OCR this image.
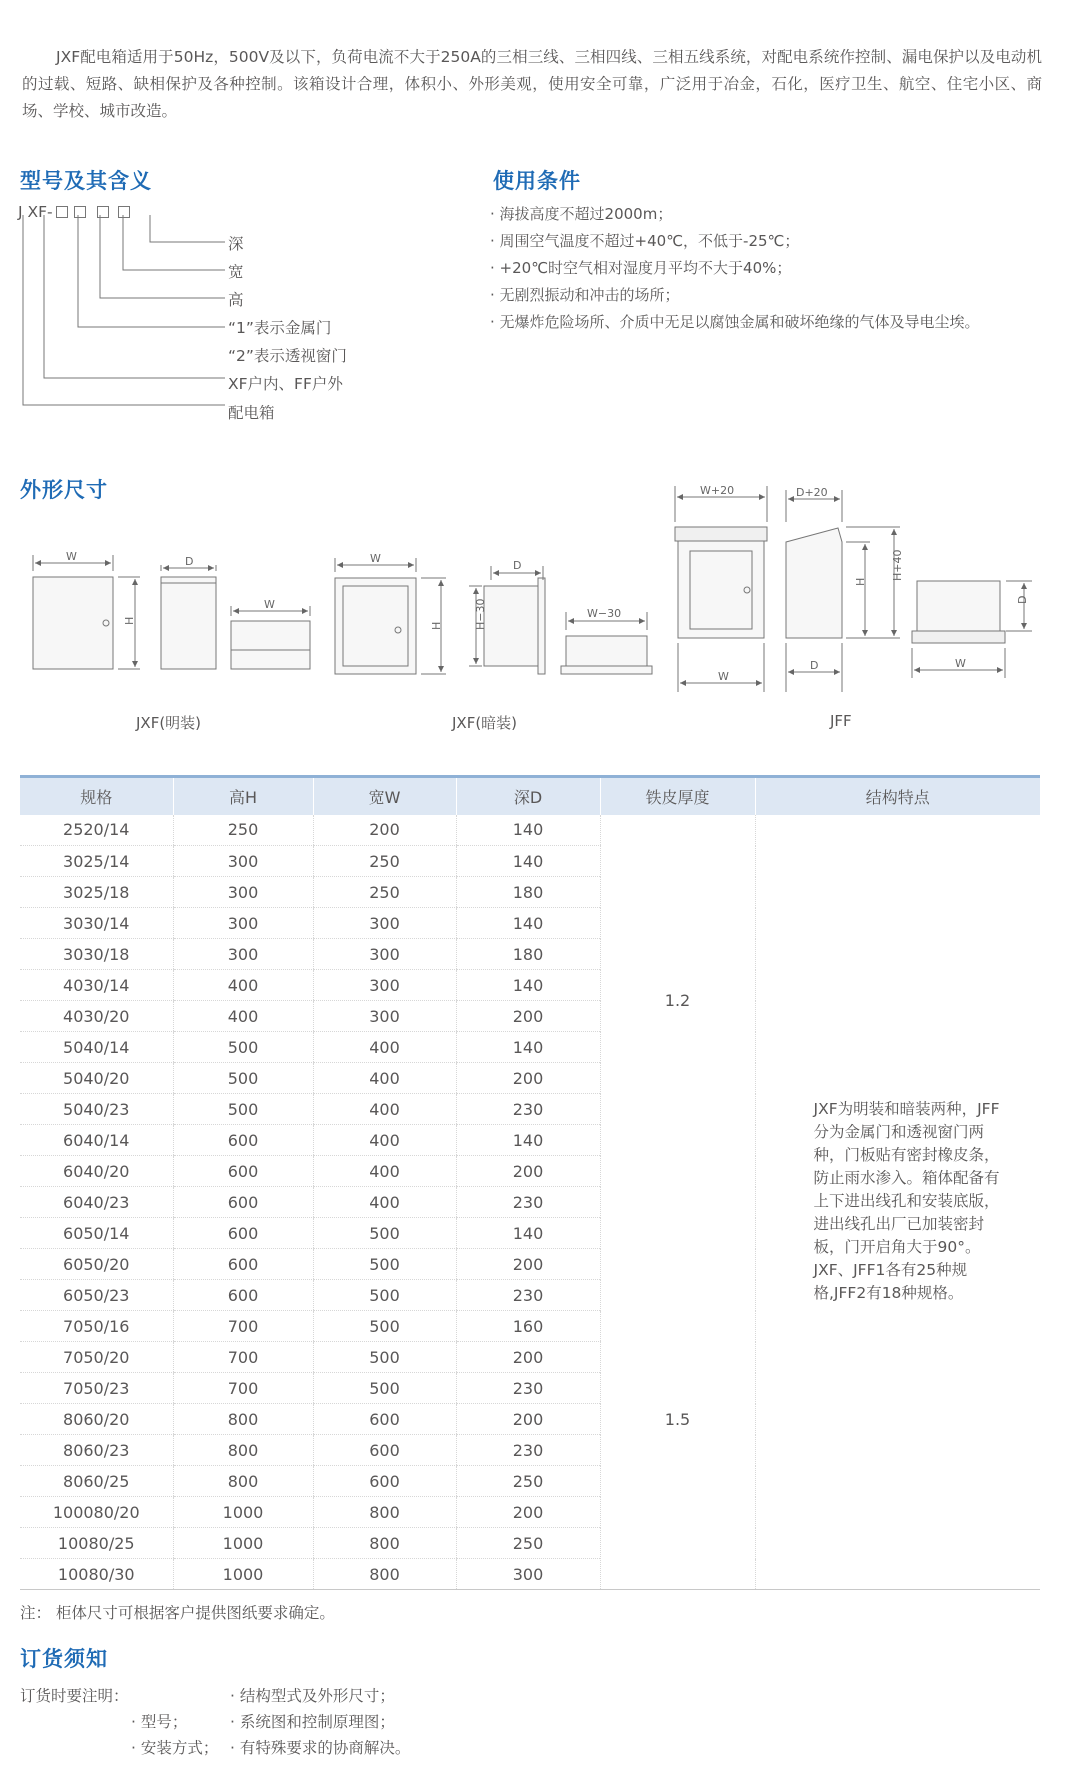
JXF配电箱适用于50Hz，500V及以下，负荷电流不大于250A的三相三线、三相四线、三相五线系统，对配电系统作控制、漏电保护以及电动机的过载、短路、缺相保护及各种控制。该箱设计合理，体积小、外形美观，使用安全可靠，广泛用于冶金，石化，医疗卫生、航空、住宅小区、商场、学校、城市改造。

型号及其含义
J XF-
深
宽
高
“1”表示金属门
“2”表示透视窗门
XF户内、FF户外
配电箱
使用条件
· 海拔高度不超过2000m；
· 周围空气温度不超过+40℃，不低于-25℃；
· +20℃时空气相对湿度月平均不大于40%；
· 无剧烈振动和冲击的场所；
· 无爆炸危险场所、介质中无足以腐蚀金属和破坏绝缘的气体及导电尘埃。
外形尺寸
W
H
D
W
W
H	H−30
D
W−30
W+20
W
D+20
D
H
H+40
D
W
JXF(明装)	JXF(暗装)	JFF
规格	高H	宽W	深D	铁皮厚度	结构特点
2520/14	250	200	140	1.2	JXF为明装和暗装两种，JFF分为金属门和透视窗门两种，门板贴有密封橡皮条，防止雨水渗入。箱体配备有上下进出线孔和安装底版，进出线孔出厂已加装密封板，门开启角大于90°。JXF、JFF1各有25种规格,JFF2有18种规格。

3025/14	300	250	140		
3025/18	300	250	180		
3030/14	300	300	140		
3030/18	300	300	180		
4030/14	400	300	140		
4030/20	400	300	200		
5040/14	500	400	140		
5040/20	500	400	200		
5040/23	500	400	230		
6040/14	600	400	140		
6040/20	600	400	200		
6040/23	600	400	230		
6050/14	600	500	140		
6050/20	600	500	200		
6050/23	600	500	230		
7050/16	700	500	160	1.5	
7050/20	700	500	200		
7050/23	700	500	230		
8060/20	800	600	200		
8060/23	800	600	230		
8060/25	800	600	250		
100080/20	1000	800	200		
10080/25	1000	800	250		
10080/30	1000	800	300		
注： 柜体尺寸可根据客户提供图纸要求确定。
订货须知
订货时要注明：
· 型号；
· 安装方式；
· 结构型式及外形尺寸；
· 系统图和控制原理图；
· 有特殊要求的协商解决。
